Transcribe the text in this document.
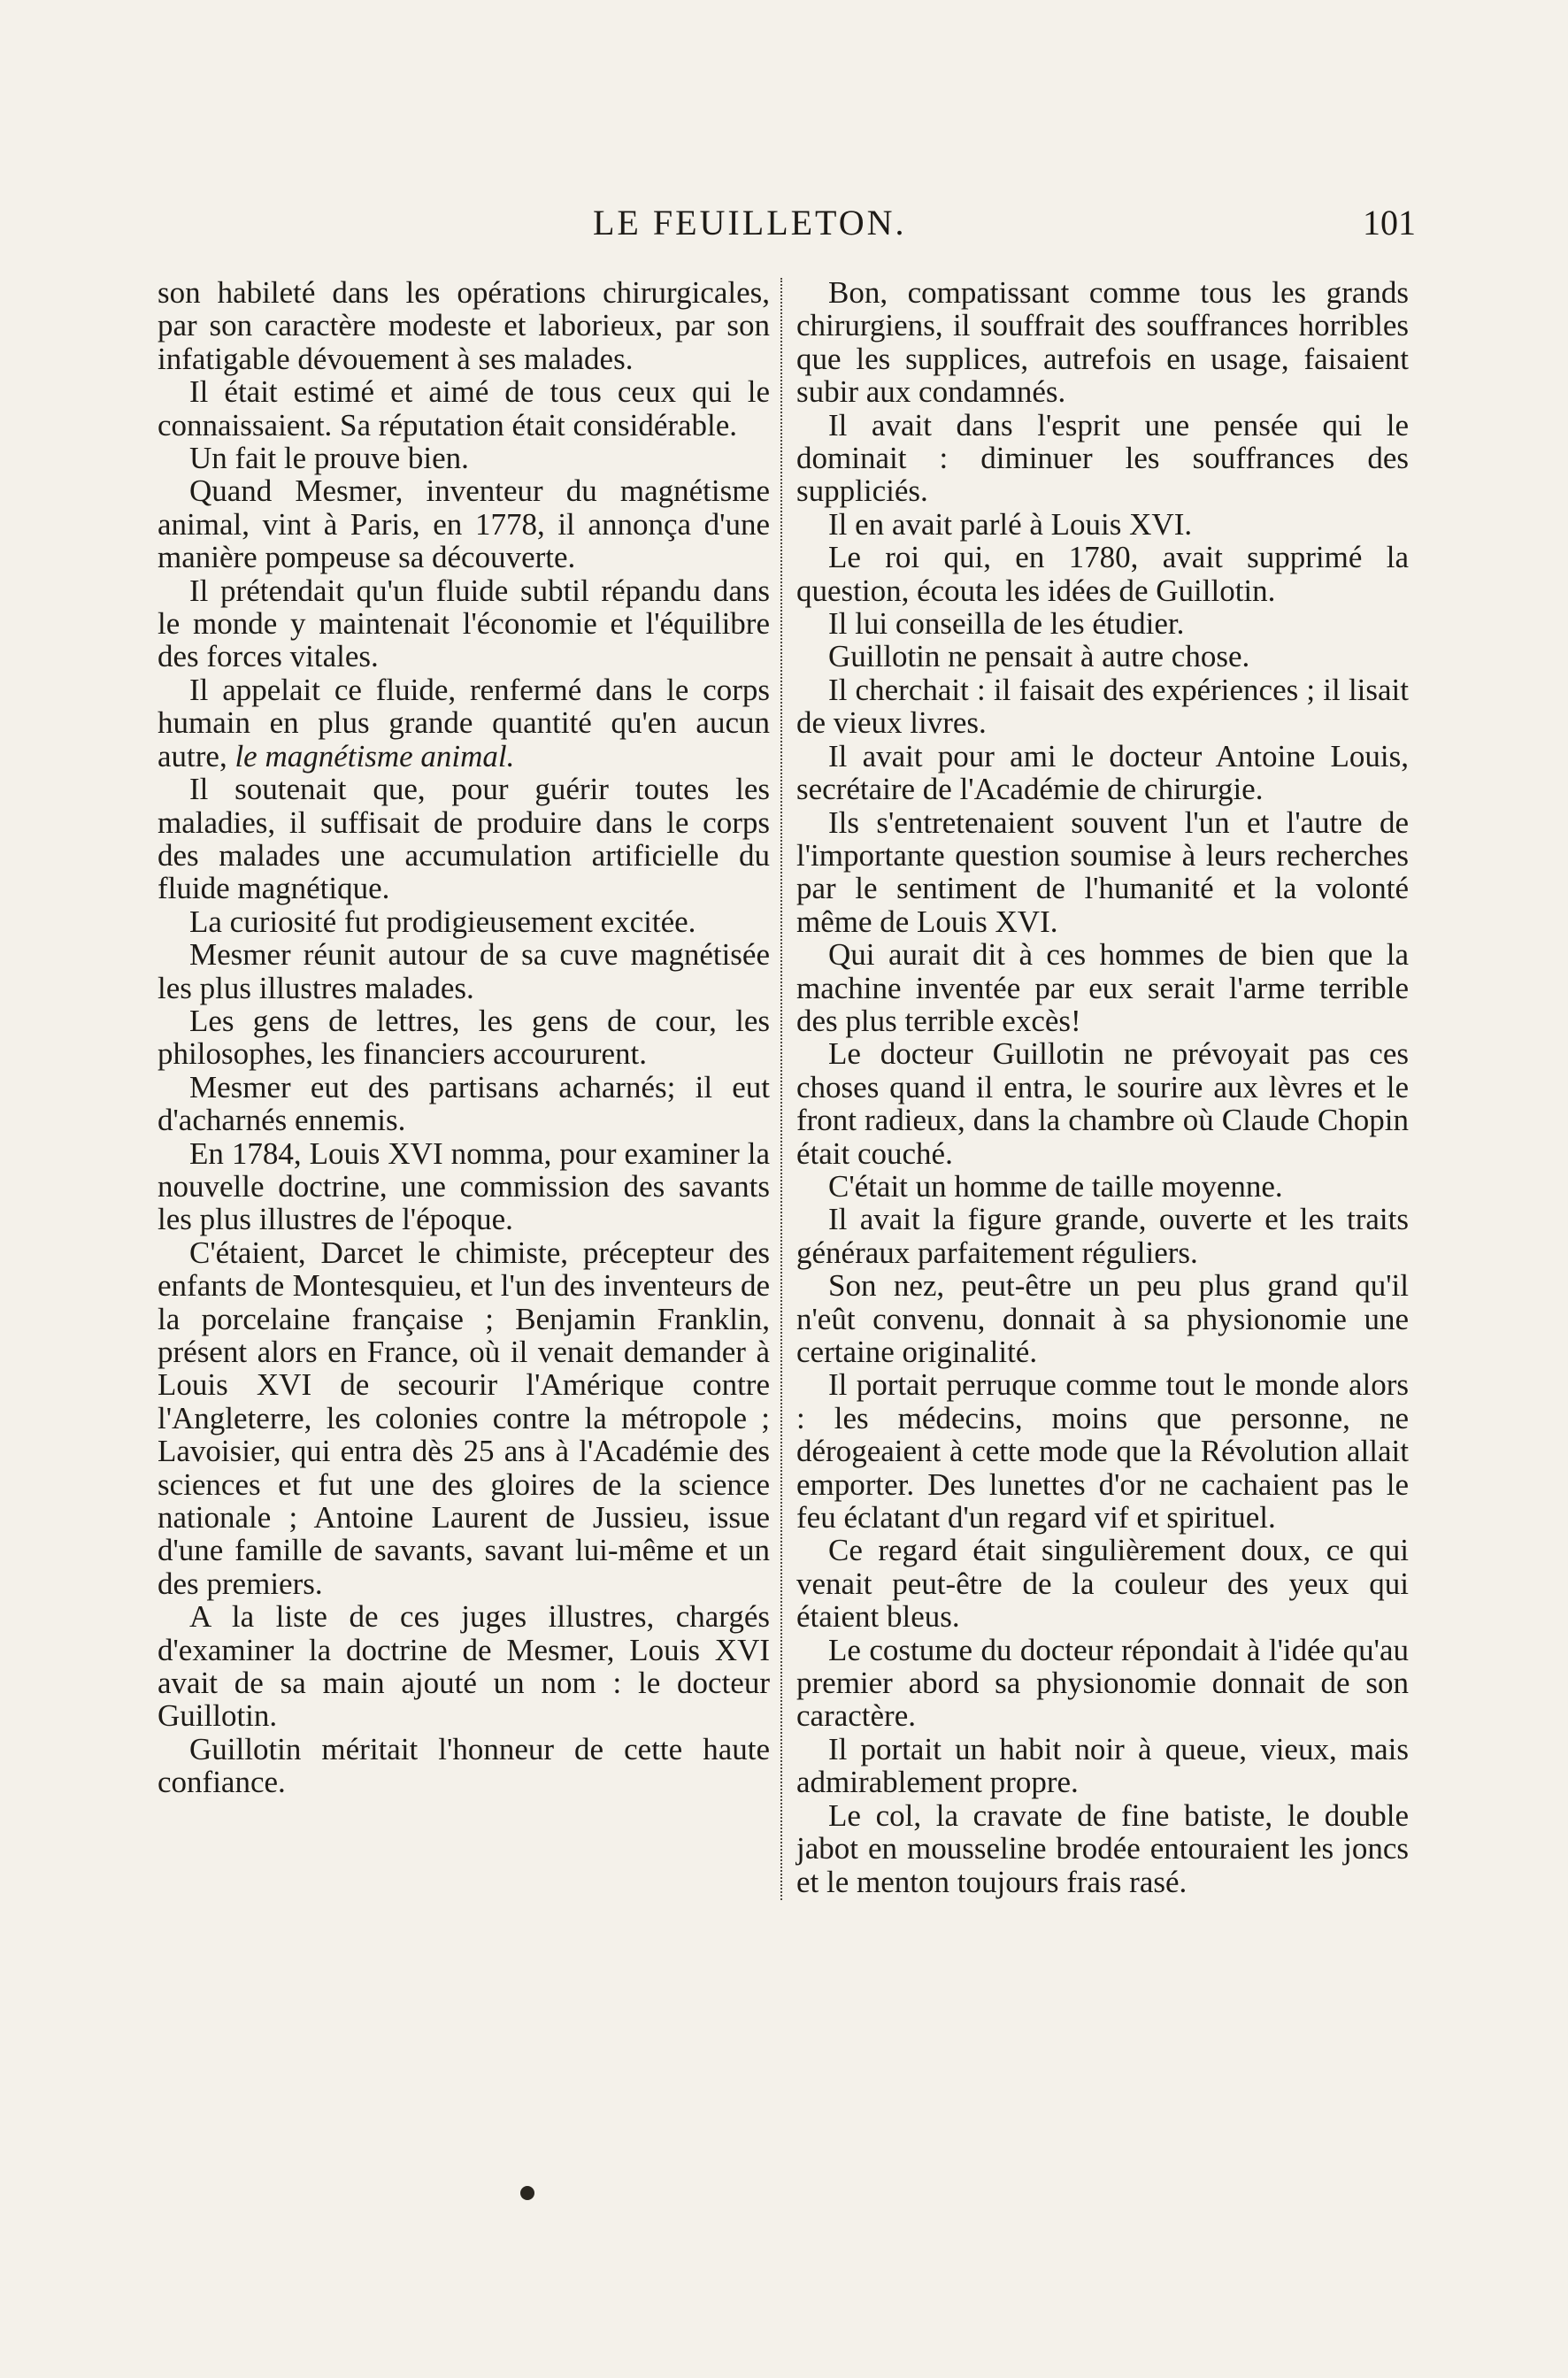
LE FEUILLETON.	101

son habileté dans les opérations chirurgicales, par son caractère modeste et laborieux, par son infatigable dévouement à ses malades.

Il était estimé et aimé de tous ceux qui le connaissaient. Sa réputation était considérable.

Un fait le prouve bien.

Quand Mesmer, inventeur du magnétisme animal, vint à Paris, en 1778, il annonça d'une manière pompeuse sa découverte.

Il prétendait qu'un fluide subtil répandu dans le monde y maintenait l'économie et l'équilibre des forces vitales.

Il appelait ce fluide, renfermé dans le corps humain en plus grande quantité qu'en aucun autre, le magnétisme animal.

Il soutenait que, pour guérir toutes les maladies, il suffisait de produire dans le corps des malades une accumulation artificielle du fluide magnétique.

La curiosité fut prodigieusement excitée.

Mesmer réunit autour de sa cuve magnétisée les plus illustres malades.

Les gens de lettres, les gens de cour, les philosophes, les financiers accoururent.

Mesmer eut des partisans acharnés; il eut d'acharnés ennemis.

En 1784, Louis XVI nomma, pour examiner la nouvelle doctrine, une commission des savants les plus illustres de l'époque.

C'étaient, Darcet le chimiste, précepteur des enfants de Montesquieu, et l'un des inventeurs de la porcelaine française ; Benjamin Franklin, présent alors en France, où il venait demander à Louis XVI de secourir l'Amérique contre l'Angleterre, les colonies contre la métropole ; Lavoisier, qui entra dès 25 ans à l'Académie des sciences et fut une des gloires de la science nationale ; Antoine Laurent de Jussieu, issue d'une famille de savants, savant lui-même et un des premiers.

A la liste de ces juges illustres, chargés d'examiner la doctrine de Mesmer, Louis XVI avait de sa main ajouté un nom : le docteur Guillotin.

Guillotin méritait l'honneur de cette haute confiance.

Bon, compatissant comme tous les grands chirurgiens, il souffrait des souffrances horribles que les supplices, autrefois en usage, faisaient subir aux condamnés.

Il avait dans l'esprit une pensée qui le dominait : diminuer les souffrances des suppliciés.

Il en avait parlé à Louis XVI.

Le roi qui, en 1780, avait supprimé la question, écouta les idées de Guillotin.

Il lui conseilla de les étudier.

Guillotin ne pensait à autre chose.

Il cherchait : il faisait des expériences ; il lisait de vieux livres.

Il avait pour ami le docteur Antoine Louis, secrétaire de l'Académie de chirurgie.

Ils s'entretenaient souvent l'un et l'autre de l'importante question soumise à leurs recherches par le sentiment de l'humanité et la volonté même de Louis XVI.

Qui aurait dit à ces hommes de bien que la machine inventée par eux serait l'arme terrible des plus terrible excès!

Le docteur Guillotin ne prévoyait pas ces choses quand il entra, le sourire aux lèvres et le front radieux, dans la chambre où Claude Chopin était couché.

C'était un homme de taille moyenne.

Il avait la figure grande, ouverte et les traits généraux parfaitement réguliers.

Son nez, peut-être un peu plus grand qu'il n'eût convenu, donnait à sa physionomie une certaine originalité.

Il portait perruque comme tout le monde alors : les médecins, moins que personne, ne dérogeaient à cette mode que la Révolution allait emporter. Des lunettes d'or ne cachaient pas le feu éclatant d'un regard vif et spirituel.

Ce regard était singulièrement doux, ce qui venait peut-être de la couleur des yeux qui étaient bleus.

Le costume du docteur répondait à l'idée qu'au premier abord sa physionomie donnait de son caractère.

Il portait un habit noir à queue, vieux, mais admirablement propre.

Le col, la cravate de fine batiste, le double jabot en mousseline brodée entouraient les joncs et le menton toujours frais rasé.
